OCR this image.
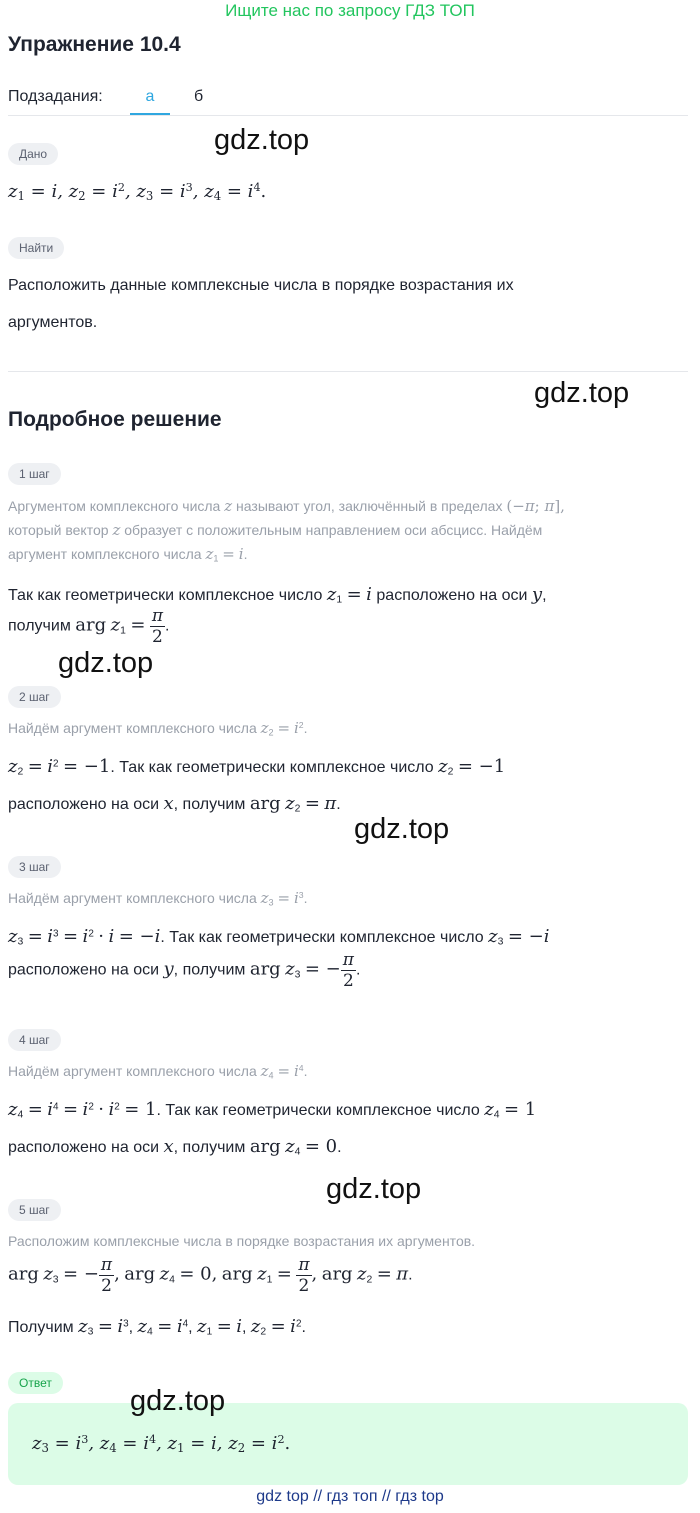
Ищите нас по запросу ГДЗ ТОП
Упражнение 10.4
Подзадания:	а	б
Дано
$z_1 = i$, $z_2 = i^2$, $z_3 = i^3$, $z_4 = i^4$.
Найти
Расположить данные комплексные числа в порядке возрастания их
аргументов.
Подробное решение
1 шаг
Аргументом комплексного числа z называют угол, заключённый в пределах (−π; π],
который вектор z образует с положительным направлением оси абсцисс. Найдём
аргумент комплексного числа $z_1 = i$.
Так как геометрически комплексное число $z_1 = i$ расположено на оси y,
получим arg $z_1 = \frac{\pi}{2}$ .
2 шаг
Найдём аргумент комплексного числа $z_2 = i^2$.
$z_2 = i^2 = -1$. Так как геометрически комплексное число $z_2 = -1$
расположено на оси x, получим arg $z_2 = \pi$.
3 шаг
Найдём аргумент комплексного числа $z_3 = i^3$.
$z_3 = i^3 = i^2 \cdot i = -i$. Так как геометрически комплексное число $z_3 = -i$
расположено на оси y, получим arg $z_3$ = − $\frac{\pi}{2}$ .
4 шаг
Найдём аргумент комплексного числа $z_4 = i^4$.
$z_4 = i^4 = i^2 \cdot i^2 = 1$. Так как геометрически комплексное число $z_4 = 1$
расположено на оси x, получим arg $z_4 = 0$.
5 шаг
Расположим комплексные числа в порядке возрастания их аргументов.
arg $z_3$ = − $\frac{\pi}{2}$ , arg $z_4 = 0$, arg $z_1 = \frac{\pi}{2}$ , arg $z_2 = \pi$.
Получим $z_3 = i^3$, $z_4 = i^4$, $z_1 = i$, $z_2 = i^2$.
Ответ
$z_3 = i^3$, $z_4 = i^4$, $z_1 = i$, $z_2 = i^2$.
gdz.top
gdz.top
gdz.top
gdz.top
gdz.top
gdz.top
gdz top // гдз топ // гдз top
